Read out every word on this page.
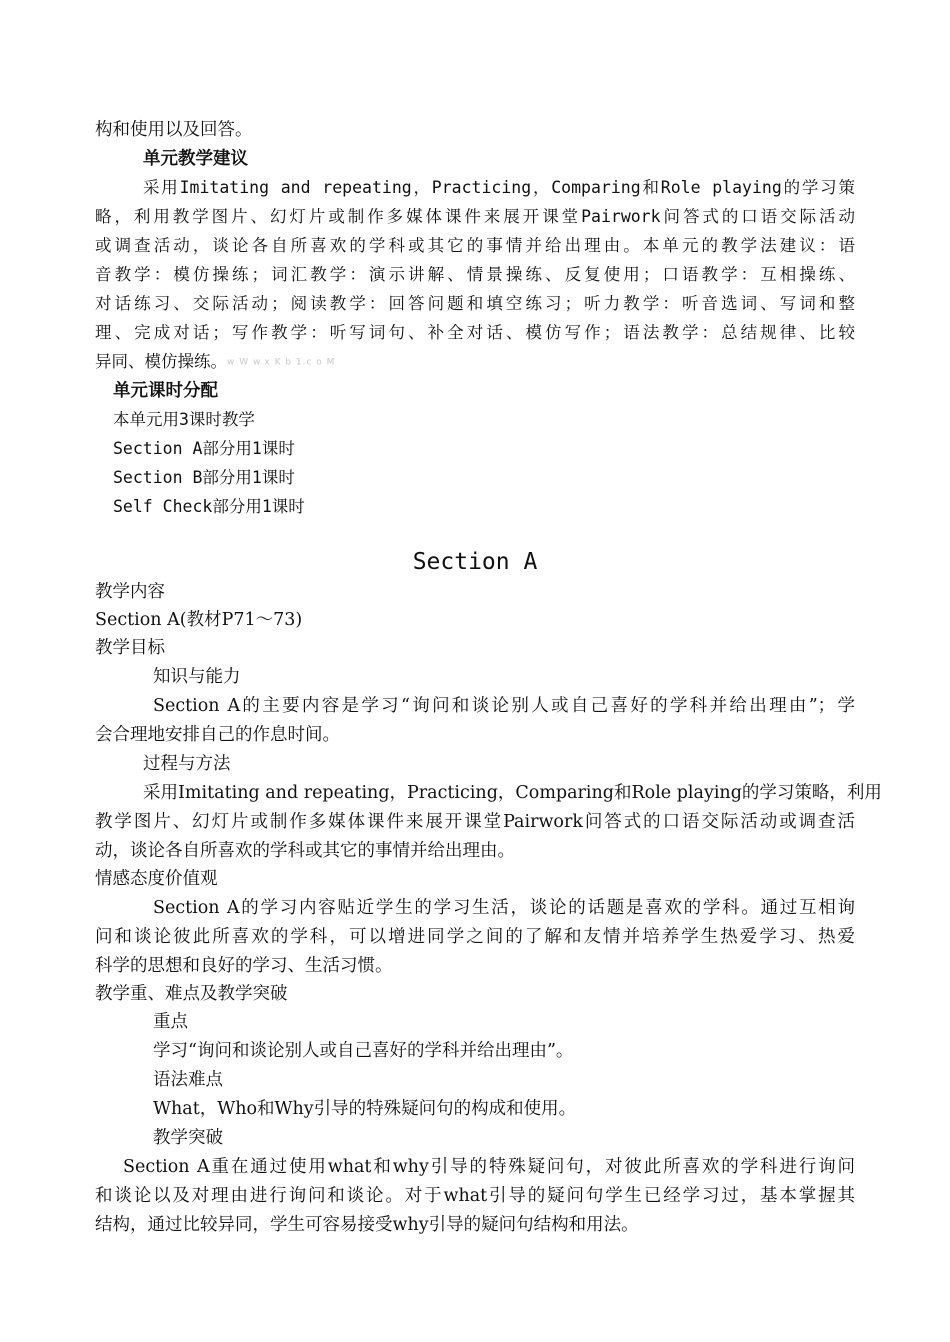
构和使用以及回答。
单元教学建议
采用Imitating and repeating，Practicing，Comparing和Role playing的学习策
略，利用教学图片、幻灯片或制作多媒体课件来展开课堂Pairwork问答式的口语交际活动
或调查活动，谈论各自所喜欢的学科或其它的事情并给出理由。本单元的教学法建议：语
音教学：模仿操练；词汇教学：演示讲解、情景操练、反复使用；口语教学：互相操练、
对话练习、交际活动；阅读教学：回答问题和填空练习；听力教学：听音选词、写词和整
理、完成对话；写作教学：听写词句、补全对话、模仿写作；语法教学：总结规律、比较
异同、模仿操练。w W w.x K b 1.c o M
单元课时分配
本单元用3课时教学
Section A部分用1课时
Section B部分用1课时
Self Check部分用1课时
Section A
教学内容
Section A(教材P71～73)
教学目标
知识与能力
Section A的主要内容是学习“询问和谈论别人或自己喜好的学科并给出理由”；学
会合理地安排自己的作息时间。
过程与方法
采用Imitating and repeating，Practicing，Comparing和Role playing的学习策略，利用
教学图片、幻灯片或制作多媒体课件来展开课堂Pairwork问答式的口语交际活动或调查活
动，谈论各自所喜欢的学科或其它的事情并给出理由。
情感态度价值观
Section A的学习内容贴近学生的学习生活，谈论的话题是喜欢的学科。通过互相询
问和谈论彼此所喜欢的学科，可以增进同学之间的了解和友情并培养学生热爱学习、热爱
科学的思想和良好的学习、生活习惯。
教学重、难点及教学突破
重点
学习“询问和谈论别人或自己喜好的学科并给出理由”。
语法难点
What，Who和Why引导的特殊疑问句的构成和使用。
教学突破
Section A重在通过使用what和why引导的特殊疑问句，对彼此所喜欢的学科进行询问
和谈论以及对理由进行询问和谈论。对于what引导的疑问句学生已经学习过，基本掌握其
结构，通过比较异同，学生可容易接受why引导的疑问句结构和用法。
